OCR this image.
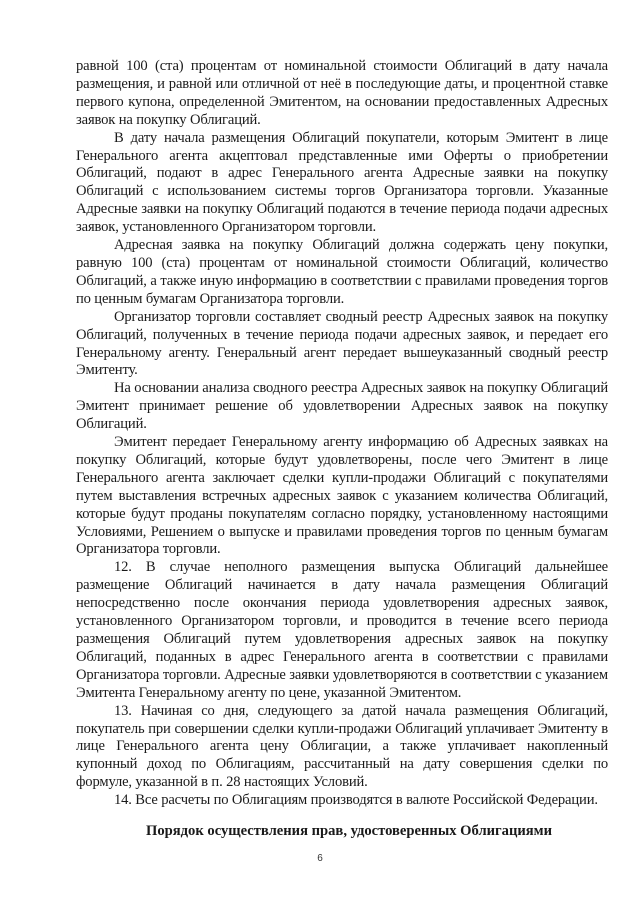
равной 100 (ста) процентам от номинальной стоимости Облигаций в дату начала размещения, и равной или отличной от неё в последующие даты, и процентной ставке первого купона, определенной Эмитентом, на основании предоставленных Адресных заявок на покупку Облигаций.

В дату начала размещения Облигаций покупатели, которым Эмитент в лице Генерального агента акцептовал представленные ими Оферты о приобретении Облигаций, подают в адрес Генерального агента Адресные заявки на покупку Облигаций с использованием системы торгов Организатора торговли. Указанные Адресные заявки на покупку Облигаций подаются в течение периода подачи адресных заявок, установленного Организатором торговли.

Адресная заявка на покупку Облигаций должна содержать цену покупки, равную 100 (ста) процентам от номинальной стоимости Облигаций, количество Облигаций, а также иную информацию в соответствии с правилами проведения торгов по ценным бумагам Организатора торговли.

Организатор торговли составляет сводный реестр Адресных заявок на покупку Облигаций, полученных в течение периода подачи адресных заявок, и передает его Генеральному агенту. Генеральный агент передает вышеуказанный сводный реестр Эмитенту.

На основании анализа сводного реестра Адресных заявок на покупку Облигаций Эмитент принимает решение об удовлетворении Адресных заявок на покупку Облигаций.

Эмитент передает Генеральному агенту информацию об Адресных заявках на покупку Облигаций, которые будут удовлетворены, после чего Эмитент в лице Генерального агента заключает сделки купли-продажи Облигаций с покупателями путем выставления встречных адресных заявок с указанием количества Облигаций, которые будут проданы покупателям согласно порядку, установленному настоящими Условиями, Решением о выпуске и правилами проведения торгов по ценным бумагам Организатора торговли.

12. В случае неполного размещения выпуска Облигаций дальнейшее размещение Облигаций начинается в дату начала размещения Облигаций непосредственно после окончания периода удовлетворения адресных заявок, установленного Организатором торговли, и проводится в течение всего периода размещения Облигаций путем удовлетворения адресных заявок на покупку Облигаций, поданных в адрес Генерального агента в соответствии с правилами Организатора торговли. Адресные заявки удовлетворяются в соответствии с указанием Эмитента Генеральному агенту по цене, указанной Эмитентом.

13. Начиная со дня, следующего за датой начала размещения Облигаций, покупатель при совершении сделки купли-продажи Облигаций уплачивает Эмитенту в лице Генерального агента цену Облигации, а также уплачивает накопленный купонный доход по Облигациям, рассчитанный на дату совершения сделки по формуле, указанной в п. 28 настоящих Условий.

14. Все расчеты по Облигациям производятся в валюте Российской Федерации.

Порядок осуществления прав, удостоверенных Облигациями
6
